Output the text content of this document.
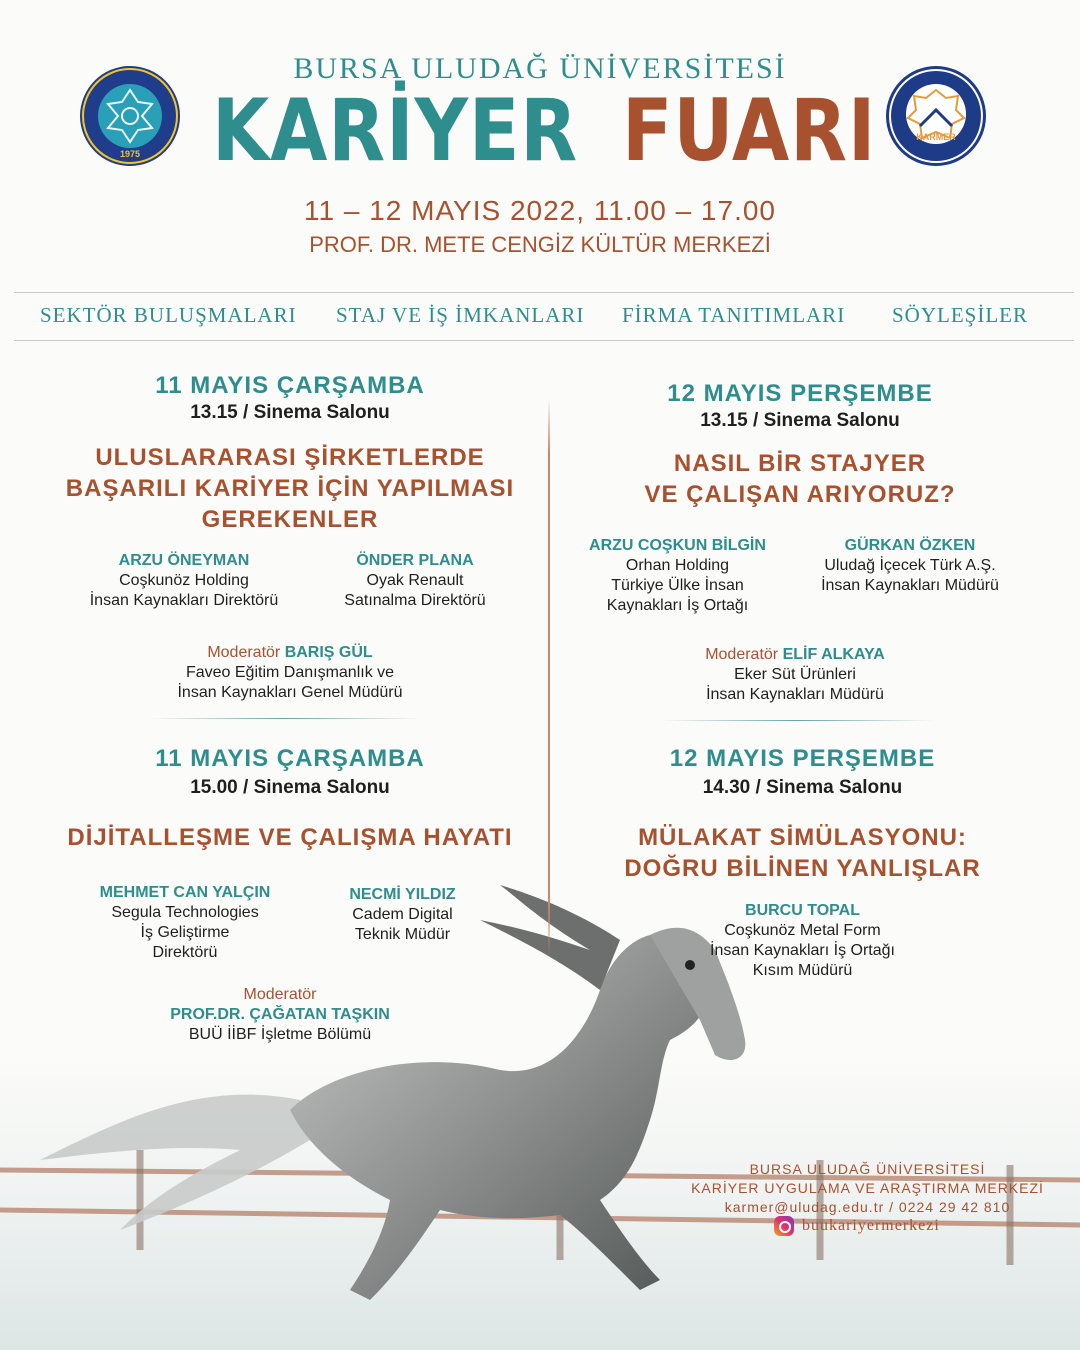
1975
KARMER
BURSA ULUDAĞ ÜNİVERSİTESİ
KARİYER FUARI
11 – 12 MAYIS 2022, 11.00 – 17.00
PROF. DR. METE CENGİZ KÜLTÜR MERKEZİ
SEKTÖR BULUŞMALARI STAJ VE İŞ İMKANLARI FİRMA TANITIMLARI SÖYLEŞİLER
11 MAYIS ÇARŞAMBA
13.15 / Sinema Salonu
ULUSLARARASI ŞİRKETLERDE
BAŞARILI KARİYER İÇİN YAPILMASI
GEREKENLER
ARZU ÖNEYMAN
Coşkunöz Holding
İnsan Kaynakları Direktörü
ÖNDER PLANA
Oyak Renault
Satınalma Direktörü
Moderatör BARIŞ GÜL
Faveo Eğitim Danışmanlık ve
İnsan Kaynakları Genel Müdürü
11 MAYIS ÇARŞAMBA
15.00 / Sinema Salonu
DİJİTALLEŞME VE ÇALIŞMA HAYATI
MEHMET CAN YALÇIN
Segula Technologies
İş Geliştirme
Direktörü
NECMİ YILDIZ
Cadem Digital
Teknik Müdür
Moderatör
PROF.DR. ÇAĞATAN TAŞKIN
BUÜ İİBF İşletme Bölümü
12 MAYIS PERŞEMBE
13.15 / Sinema Salonu
NASIL BİR STAJYER
VE ÇALIŞAN ARIYORUZ?
ARZU COŞKUN BİLGİN
Orhan Holding
Türkiye Ülke İnsan
Kaynakları İş Ortağı
GÜRKAN ÖZKEN
Uludağ İçecek Türk A.Ş.
İnsan Kaynakları Müdürü
Moderatör ELİF ALKAYA
Eker Süt Ürünleri
İnsan Kaynakları Müdürü
12 MAYIS PERŞEMBE
14.30 / Sinema Salonu
MÜLAKAT SİMÜLASYONU:
DOĞRU BİLİNEN YANLIŞLAR
BURCU TOPAL
Coşkunöz Metal Form
İnsan Kaynakları İş Ortağı
Kısım Müdürü
BURSA ULUDAĞ ÜNİVERSİTESİ
KARİYER UYGULAMA VE ARAŞTIRMA MERKEZİ
karmer@uludag.edu.tr / 0224 29 42 810
buukariyermerkezi
